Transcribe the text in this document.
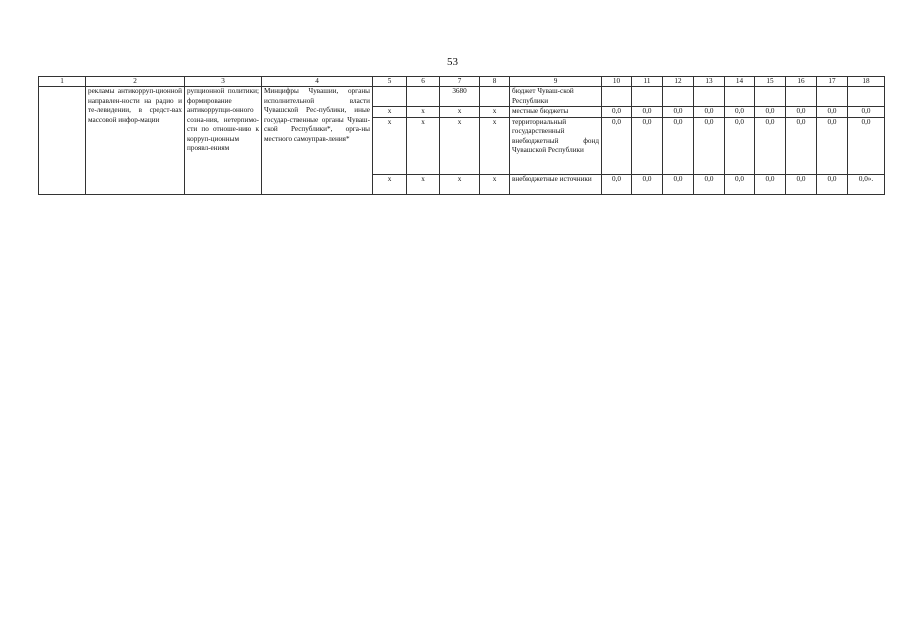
53
1	2	3	4	5	6	7	8	9	10	11	12	13	14	15	16	17	18
	рекламы антикорруп-ционной направлен-ности на радио и те-левидении, в средст-вах массовой инфор-мации	рупционной политики; формирование антикоррупци-онного созна-ния, нетерпимо-сти по отноше-нию к корруп-ционным проявл-ениям	Минцифры Чувашии, органы исполнительной власти Чувашской Рес-публики, иные государ-ственные органы Чуваш-ской Республики*, орга-ны местного самоуправ-ления*			3680		бюджет Чуваш-ской Республики									
				x	x	x	x	местные бюджеты	0,0	0,0	0,0	0,0	0,0	0,0	0,0	0,0	0,0
				x	x	x	x	территориальный государственный внебюджетный фонд Чувашской Республики	0,0	0,0	0,0	0,0	0,0	0,0	0,0	0,0	0,0
				x	x	x	x	внебюджетные источники	0,0	0,0	0,0	0,0	0,0	0,0	0,0	0,0	0,0».
